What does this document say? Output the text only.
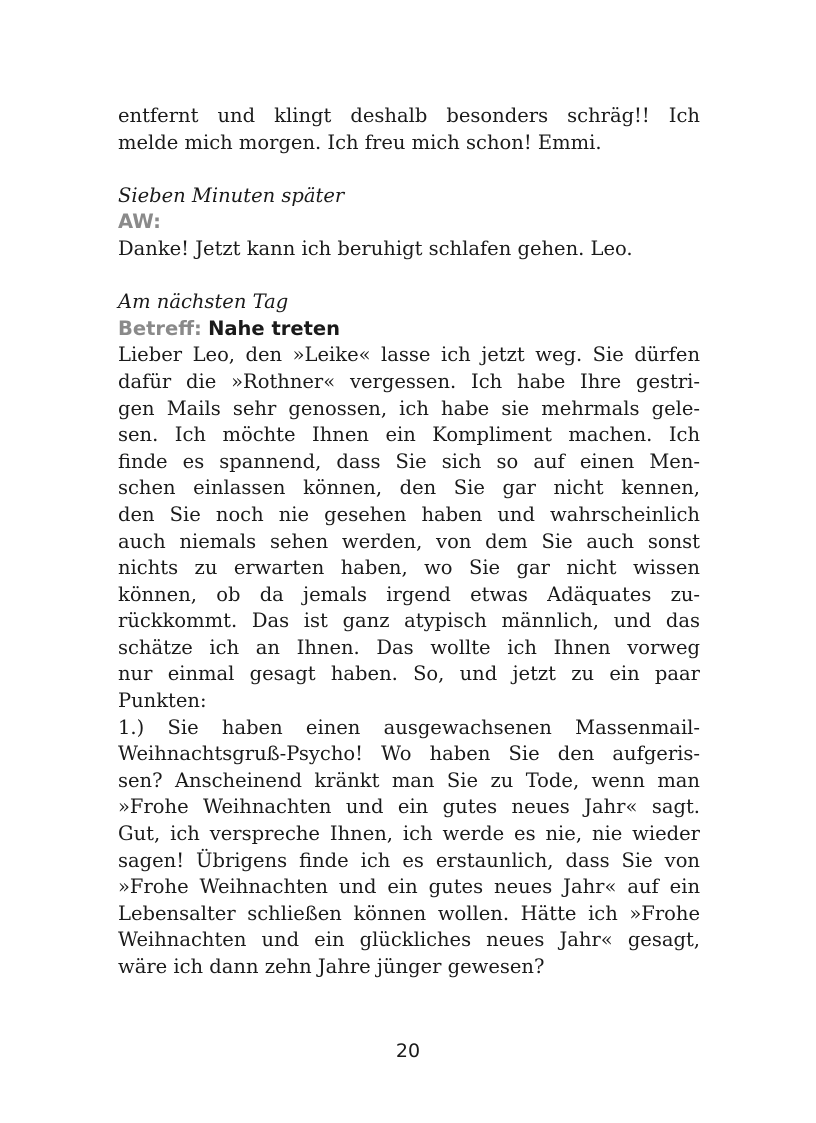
entfernt und klingt deshalb besonders schräg!! Ich
melde mich morgen. Ich freu mich schon! Emmi.
Sieben Minuten später
AW:
Danke! Jetzt kann ich beruhigt schlafen gehen. Leo.
Am nächsten Tag
Betreff: Nahe treten
Lieber Leo, den »Leike« lasse ich jetzt weg. Sie dürfen
dafür die »Rothner« vergessen. Ich habe Ihre gestri-
gen Mails sehr genossen, ich habe sie mehrmals gele-
sen. Ich möchte Ihnen ein Kompliment machen. Ich
finde es spannend, dass Sie sich so auf einen Men-
schen einlassen können, den Sie gar nicht kennen,
den Sie noch nie gesehen haben und wahrscheinlich
auch niemals sehen werden, von dem Sie auch sonst
nichts zu erwarten haben, wo Sie gar nicht wissen
können, ob da jemals irgend etwas Adäquates zu-
rückkommt. Das ist ganz atypisch männlich, und das
schätze ich an Ihnen. Das wollte ich Ihnen vorweg
nur einmal gesagt haben. So, und jetzt zu ein paar
Punkten:
1.) Sie haben einen ausgewachsenen Massenmail-
Weihnachtsgruß-Psycho! Wo haben Sie den aufgeris-
sen? Anscheinend kränkt man Sie zu Tode, wenn man
»Frohe Weihnachten und ein gutes neues Jahr« sagt.
Gut, ich verspreche Ihnen, ich werde es nie, nie wieder
sagen! Übrigens finde ich es erstaunlich, dass Sie von
»Frohe Weihnachten und ein gutes neues Jahr« auf ein
Lebensalter schließen können wollen. Hätte ich »Frohe
Weihnachten und ein glückliches neues Jahr« gesagt,
wäre ich dann zehn Jahre jünger gewesen?
20
